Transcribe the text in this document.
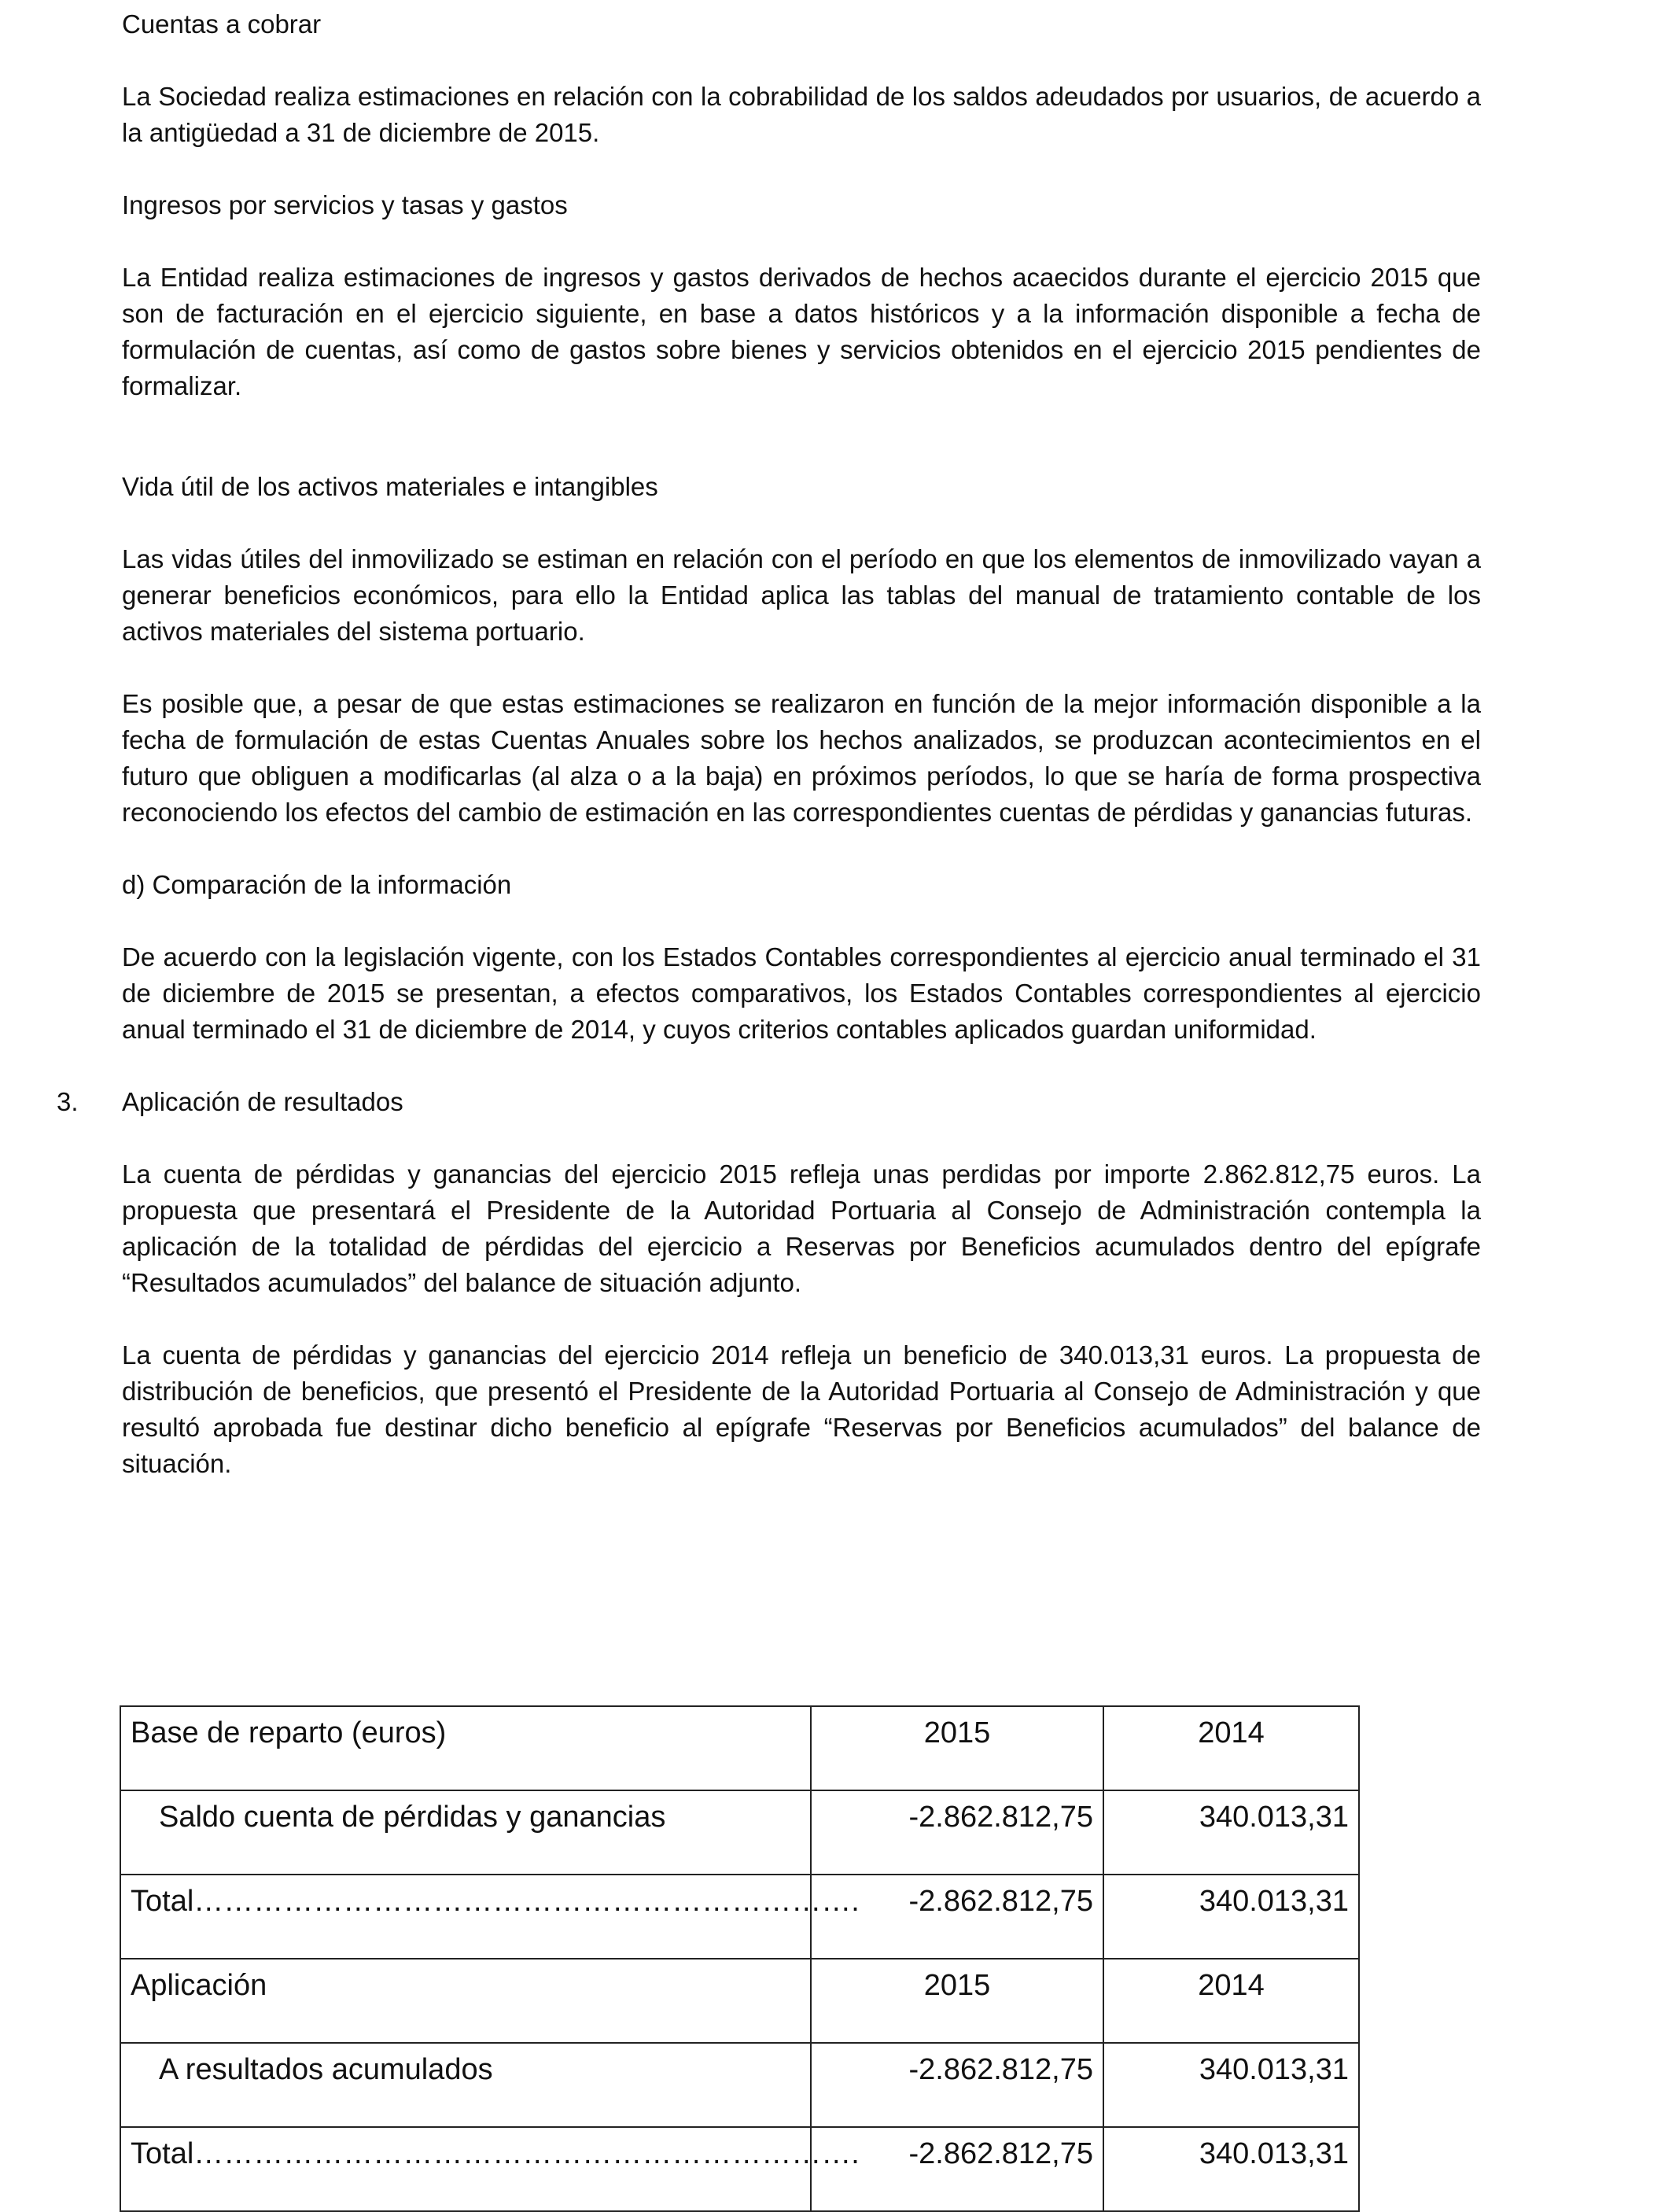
Cuentas a cobrar

La Sociedad realiza estimaciones en relación con la cobrabilidad de los saldos adeudados por usuarios, de acuerdo a la antigüedad a 31 de diciembre de 2015.

Ingresos por servicios y tasas y gastos

La Entidad realiza estimaciones de ingresos y gastos derivados de hechos acaecidos durante el ejercicio 2015 que son de facturación en el ejercicio siguiente, en base a datos históricos y a la información disponible a fecha de formulación de cuentas, así como de gastos sobre bienes y servicios obtenidos en el ejercicio 2015 pendientes de formalizar.

Vida útil de los activos materiales e intangibles

Las vidas útiles del inmovilizado se estiman en relación con el período en que los elementos de inmovilizado vayan a generar beneficios económicos, para ello la Entidad aplica las tablas del manual de tratamiento contable de los activos materiales del sistema portuario.

Es posible que, a pesar de que estas estimaciones se realizaron en función de la mejor información disponible a la fecha de formulación de estas Cuentas Anuales sobre los hechos analizados, se produzcan acontecimientos en el futuro que obliguen a modificarlas (al alza o a la baja) en próximos períodos, lo que se haría de forma prospectiva reconociendo los efectos del cambio de estimación en las correspondientes cuentas de pérdidas y ganancias futuras.

d) Comparación de la información

De acuerdo con la legislación vigente, con los Estados Contables correspondientes al ejercicio anual terminado el 31 de diciembre de 2015 se presentan, a efectos comparativos, los Estados Contables correspondientes al ejercicio anual terminado el 31 de diciembre de 2014, y cuyos criterios contables aplicados guardan uniformidad.

3. Aplicación de resultados

La cuenta de pérdidas y ganancias del ejercicio 2015 refleja unas perdidas por importe 2.862.812,75 euros. La propuesta que presentará el Presidente de la Autoridad Portuaria al Consejo de Administración contempla la aplicación de la totalidad de pérdidas del ejercicio a Reservas por Beneficios acumulados dentro del epígrafe “Resultados acumulados” del balance de situación adjunto.

La cuenta de pérdidas y ganancias del ejercicio 2014 refleja un beneficio de 340.013,31 euros. La propuesta de distribución de beneficios, que presentó el Presidente de la Autoridad Portuaria al Consejo de Administración y que resultó aprobada fue destinar dicho beneficio al epígrafe “Reservas por Beneficios acumulados” del balance de situación.

Base de reparto (euros)	2015	2014
Saldo cuenta de pérdidas y ganancias	-2.862.812,75	340.013,31
Total………………………………………………………….	-2.862.812,75	340.013,31
Aplicación	2015	2014
A resultados acumulados	-2.862.812,75	340.013,31
Total………………………………………………………….	-2.862.812,75	340.013,31
